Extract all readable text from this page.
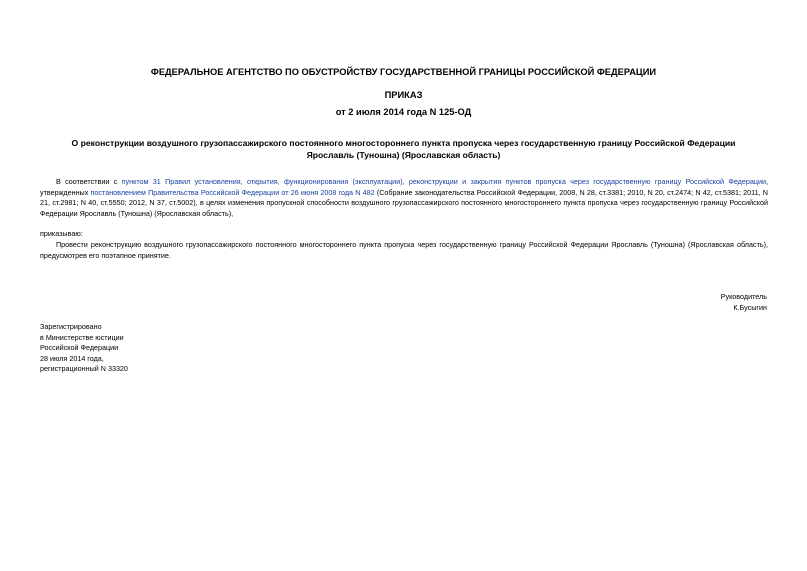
ФЕДЕРАЛЬНОЕ АГЕНТСТВО ПО ОБУСТРОЙСТВУ ГОСУДАРСТВЕННОЙ ГРАНИЦЫ РОССИЙСКОЙ ФЕДЕРАЦИИ
ПРИКАЗ
от 2 июля 2014 года N 125-ОД
О реконструкции воздушного грузопассажирского постоянного многостороннего пункта пропуска через государственную границу Российской Федерации
Ярославль (Туношна) (Ярославская область)
В соответствии с пунктом 31 Правил установления, открытия, функционирования (эксплуатации), реконструкции и закрытия пунктов пропуска через государственную границу Российской Федерации, утвержденных постановлением Правительства Российской Федерации от 26 июня 2008 года N 482 (Собрание законодательства Российской Федерации, 2008, N 28, ст.3381; 2010, N 20, ст.2474; N 42, ст.5381; 2011, N 21, ст.2981; N 40, ст.5550; 2012, N 37, ст.5002), в целях изменения пропускной способности воздушного грузопассажирского постоянного многостороннего пункта пропуска через государственную границу Российской Федерации Ярославль (Туношна) (Ярославская область),
приказываю:
Провести реконструкцию воздушного грузопассажирского постоянного многостороннего пункта пропуска через государственную границу Российской Федерации Ярославль (Туношна) (Ярославская область), предусмотрев его поэтапное принятие.
Руководитель
К.Бусыгин
Зарегистрировано
в Министерстве юстиции
Российской Федерации
28 июля 2014 года,
регистрационный N 33320
